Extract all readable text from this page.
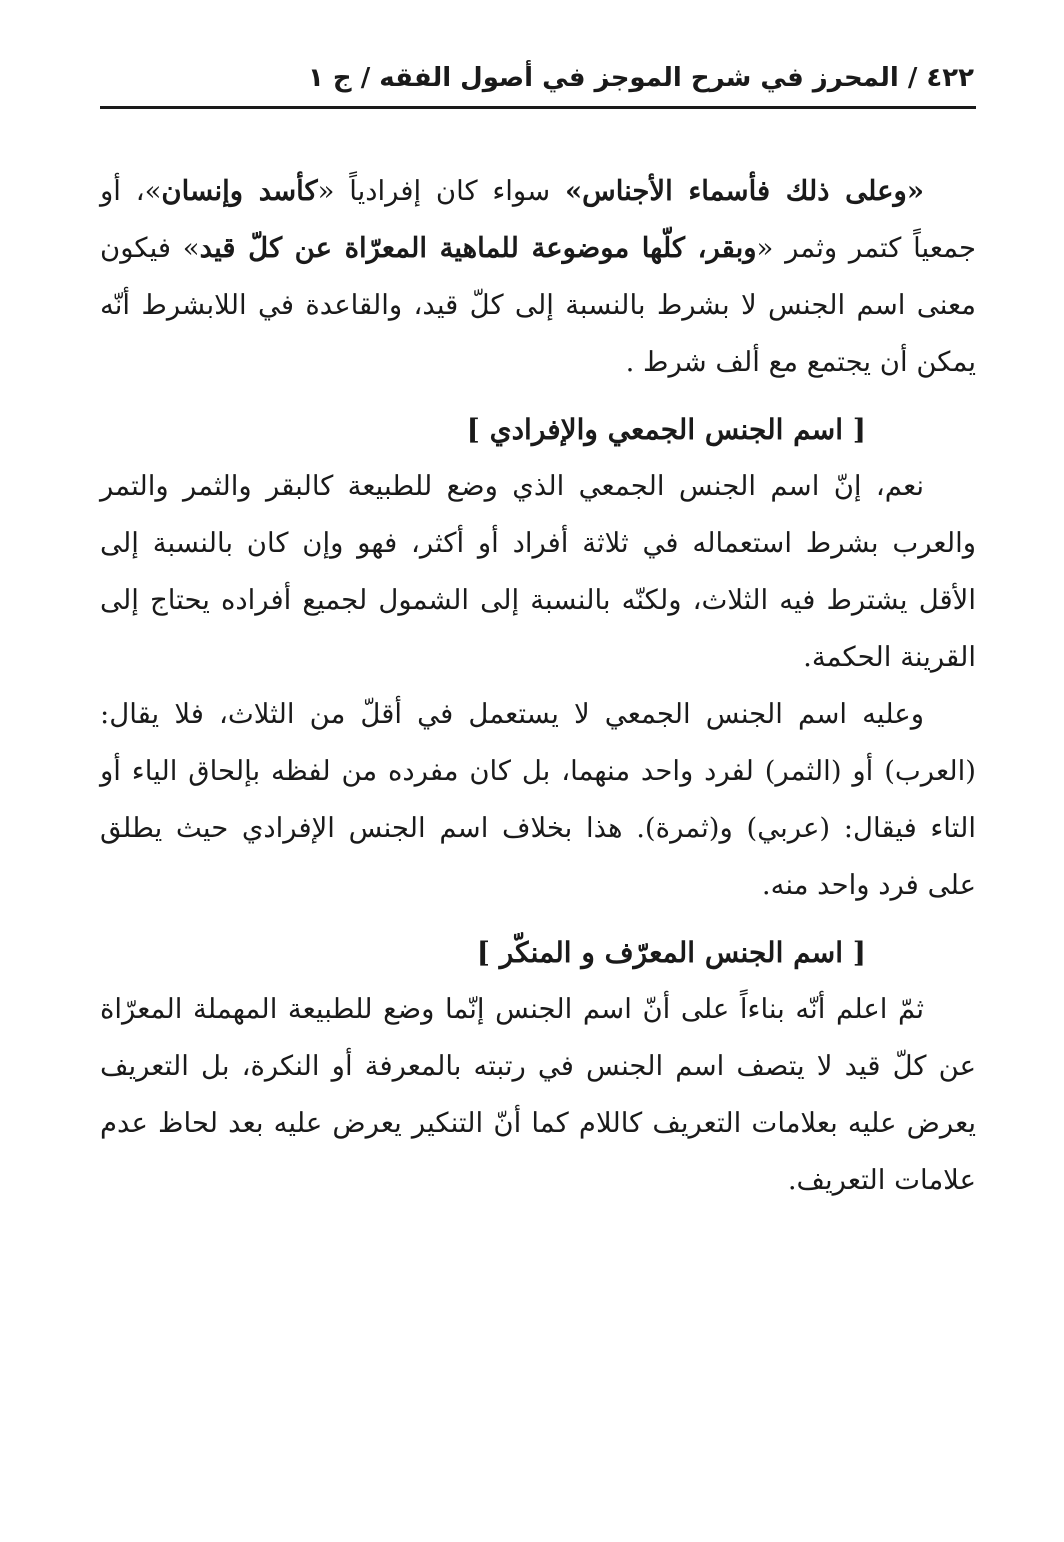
٤٢٢ / المحرز في شرح الموجز في أصول الفقه / ج ١

«وعلى ذلك فأسماء الأجناس» سواء كان إفرادياً «كأسد وإنسان»، أو جمعياً كتمر وثمر «وبقر، كلّها موضوعة للماهية المعرّاة عن كلّ قيد» فيكون معنى اسم الجنس لا بشرط بالنسبة إلى كلّ قيد، والقاعدة في اللابشرط أنّه يمكن أن يجتمع مع ألف شرط .

[ اسم الجنس الجمعي والإفرادي ]

نعم، إنّ اسم الجنس الجمعي الذي وضع للطبيعة كالبقر والثمر والتمر والعرب بشرط استعماله في ثلاثة أفراد أو أكثر، فهو وإن كان بالنسبة إلى الأقل يشترط فيه الثلاث، ولكنّه بالنسبة إلى الشمول لجميع أفراده يحتاج إلى القرينة الحكمة.

وعليه اسم الجنس الجمعي لا يستعمل في أقلّ من الثلاث، فلا يقال: (العرب) أو (الثمر) لفرد واحد منهما، بل كان مفرده من لفظه بإلحاق الياء أو التاء فيقال: (عربي) و(ثمرة). هذا بخلاف اسم الجنس الإفرادي حيث يطلق على فرد واحد منه.

[ اسم الجنس المعرّف و المنكّر ]

ثمّ اعلم أنّه بناءاً على أنّ اسم الجنس إنّما وضع للطبيعة المهملة المعرّاة عن كلّ قيد لا يتصف اسم الجنس في رتبته بالمعرفة أو النكرة، بل التعريف يعرض عليه بعلامات التعريف كاللام كما أنّ التنكير يعرض عليه بعد لحاظ عدم علامات التعريف.
